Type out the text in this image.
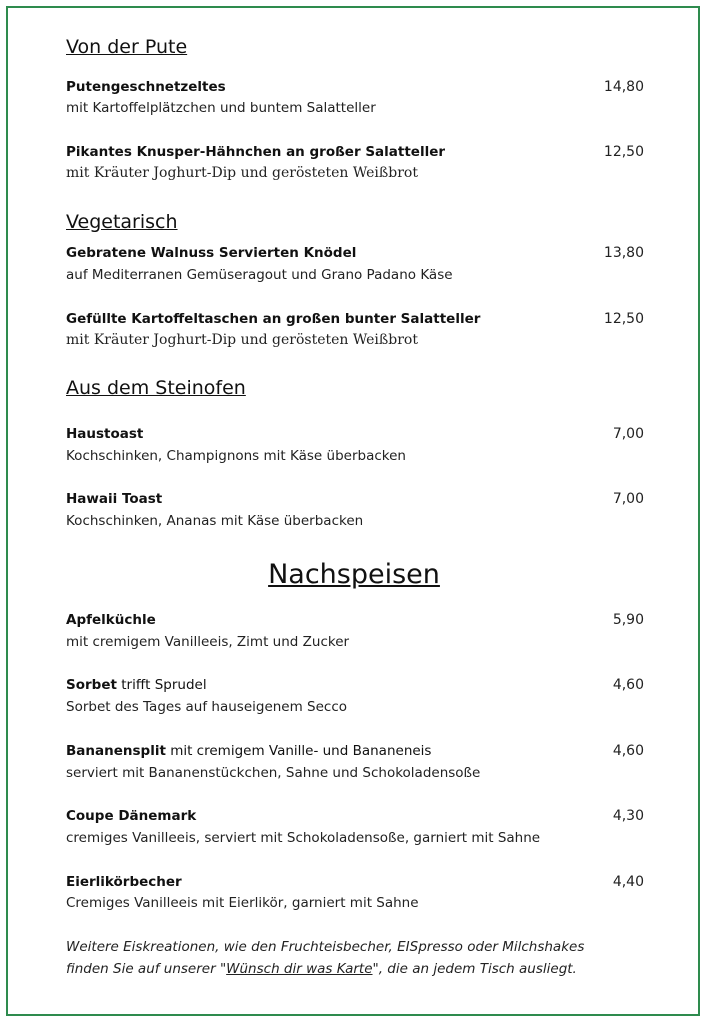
Von der Pute
Putengeschnetzeltes	14,80
mit Kartoffelplätzchen und buntem Salatteller
Pikantes Knusper-Hähnchen an großer Salatteller	12,50
mit Kräuter Joghurt-Dip und gerösteten Weißbrot
Vegetarisch
Gebratene Walnuss Servierten Knödel	13,80
auf Mediterranen Gemüseragout und Grano Padano Käse
Gefüllte Kartoffeltaschen an großen bunter Salatteller	12,50
mit Kräuter Joghurt-Dip und gerösteten Weißbrot
Aus dem Steinofen
Haustoast	7,00
Kochschinken, Champignons mit Käse überbacken
Hawaii Toast	7,00
Kochschinken, Ananas mit Käse überbacken
Nachspeisen
Apfelküchle	5,90
mit cremigem Vanilleeis, Zimt und Zucker
Sorbet trifft Sprudel	4,60
Sorbet des Tages auf hauseigenem Secco
Bananensplit mit cremigem Vanille- und Bananeneis	4,60
serviert mit Bananenstückchen, Sahne und Schokoladensoße
Coupe Dänemark	4,30
cremiges Vanilleeis, serviert mit Schokoladensoße, garniert mit Sahne
Eierlikörbecher	4,40
Cremiges Vanilleeis mit Eierlikör, garniert mit Sahne
Weitere Eiskreationen, wie den Fruchteisbecher, EISpresso oder Milchshakes
finden Sie auf unserer "Wünsch dir was Karte", die an jedem Tisch ausliegt.
